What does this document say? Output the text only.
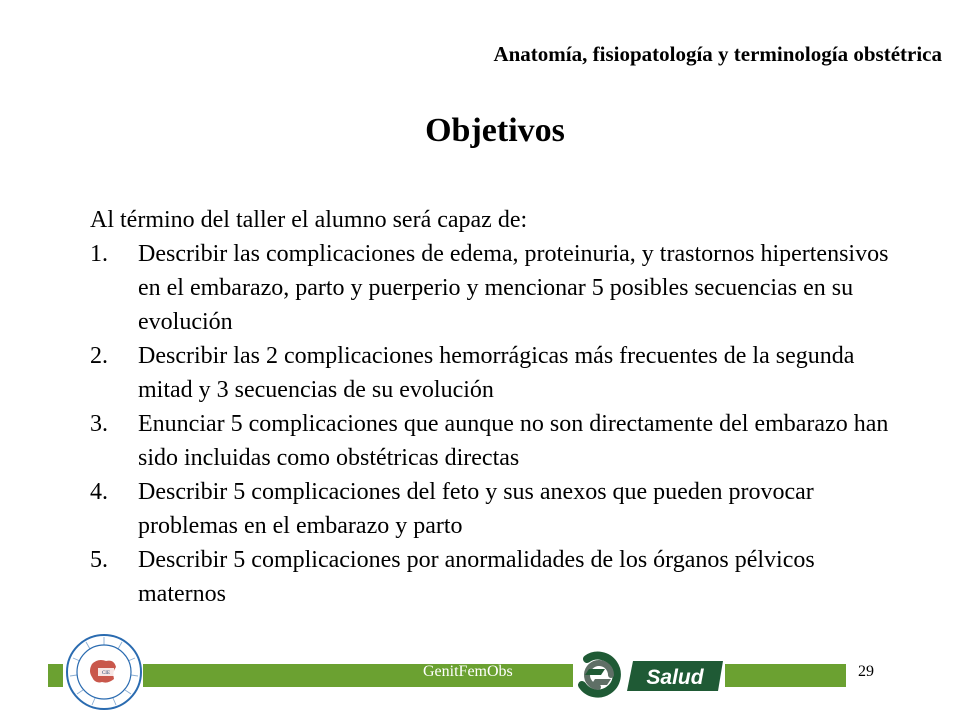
Anatomía, fisiopatología y terminología obstétrica
Objetivos

Al término del taller el alumno será capaz de:

1. Describir las complicaciones de edema, proteinuria, y trastornos hipertensivos en el embarazo, parto y puerperio y mencionar 5 posibles secuencias en su evolución
2. Describir las 2 complicaciones hemorrágicas más frecuentes de la segunda mitad y 3 secuencias de su evolución
3. Enunciar 5 complicaciones que aunque no son directamente del embarazo han sido incluidas como obstétricas directas
4. Describir 5 complicaciones del feto y sus anexos que pueden provocar problemas en el embarazo y parto
5. Describir 5 complicaciones por anormalidades de los órganos pélvicos maternos
GenitFemObs	29
CIE	Salud
